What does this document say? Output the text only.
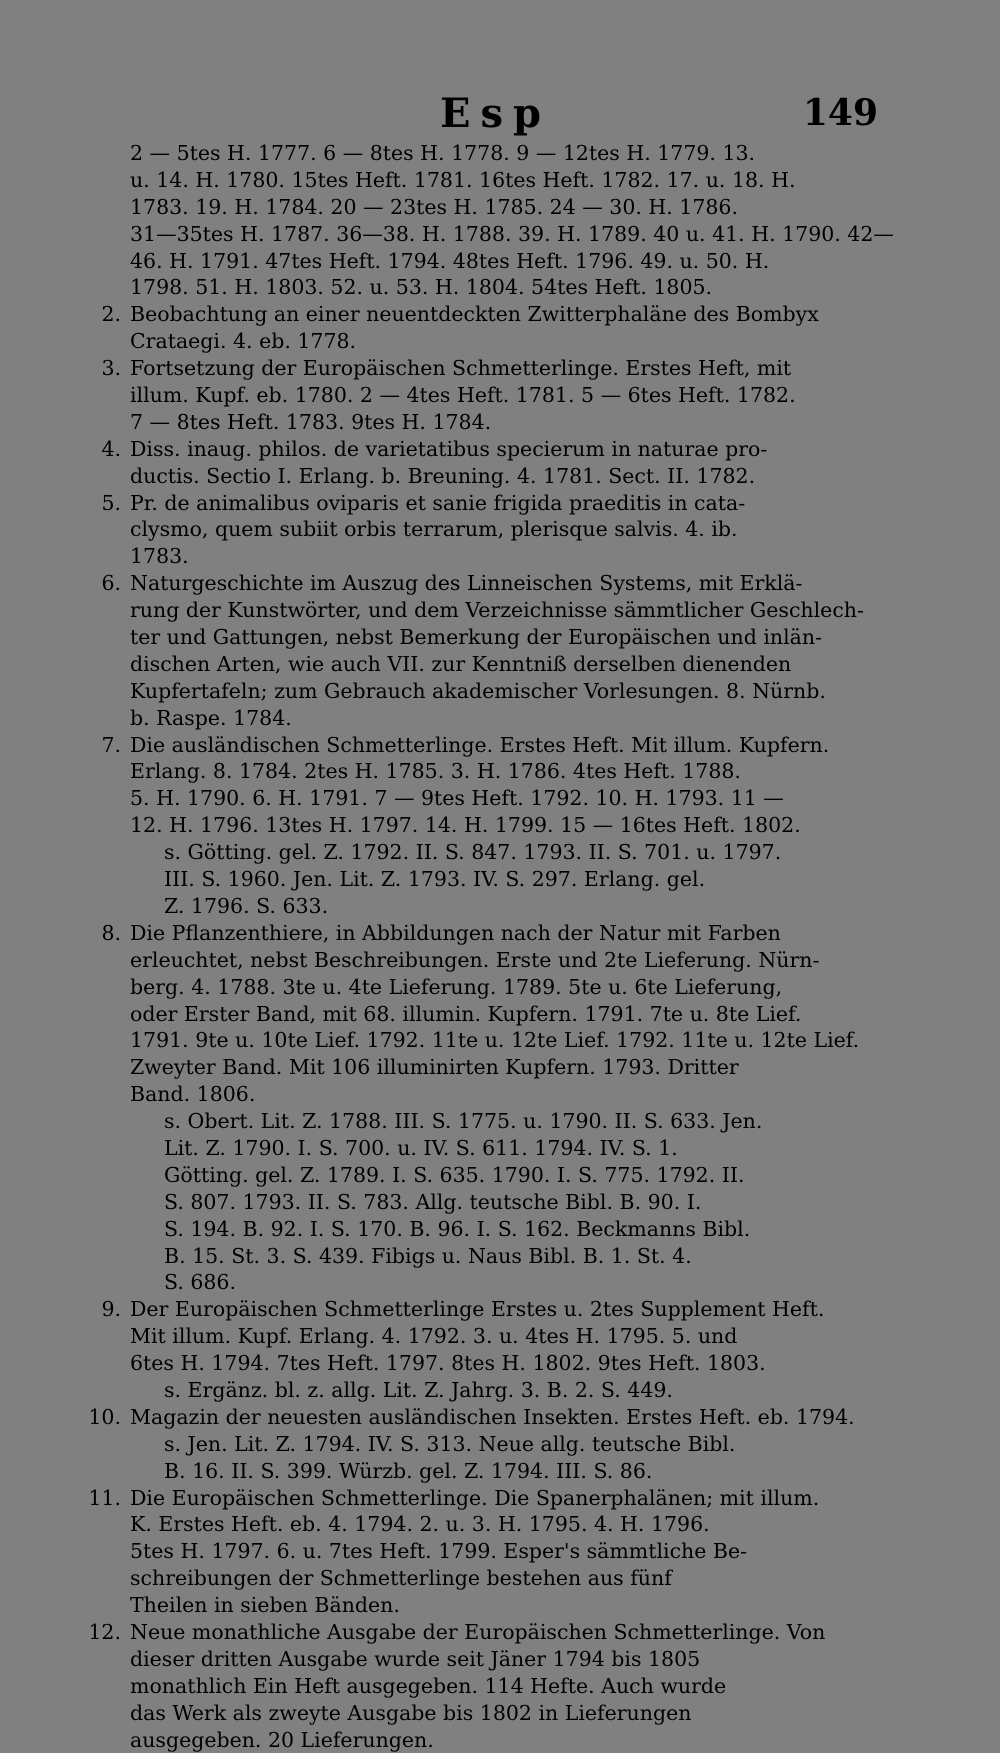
Esp	149
2 — 5tes H. 1777. 6 — 8tes H. 1778. 9 — 12tes H. 1779. 13.
u. 14. H. 1780. 15tes Heft. 1781. 16tes Heft. 1782. 17. u. 18. H.
1783. 19. H. 1784. 20 — 23tes H. 1785. 24 — 30. H. 1786.
31—35tes H. 1787. 36—38. H. 1788. 39. H. 1789. 40 u. 41. H. 1790. 42—
46. H. 1791. 47tes Heft. 1794. 48tes Heft. 1796. 49. u. 50. H.
1798. 51. H. 1803. 52. u. 53. H. 1804. 54tes Heft. 1805.
2. Beobachtung an einer neuentdeckten Zwitterphaläne des Bombyx
Crataegi. 4. eb. 1778.
3. Fortsetzung der Europäischen Schmetterlinge. Erstes Heft, mit
illum. Kupf. eb. 1780. 2 — 4tes Heft. 1781. 5 — 6tes Heft. 1782.
7 — 8tes Heft. 1783. 9tes H. 1784.
4. Diss. inaug. philos. de varietatibus specierum in naturae pro-
ductis. Sectio I. Erlang. b. Breuning. 4. 1781. Sect. II. 1782.
5. Pr. de animalibus oviparis et sanie frigida praeditis in cata-
clysmo, quem subiit orbis terrarum, plerisque salvis. 4. ib.
1783.
6. Naturgeschichte im Auszug des Linneischen Systems, mit Erklä-
rung der Kunstwörter, und dem Verzeichnisse sämmtlicher Geschlech-
ter und Gattungen, nebst Bemerkung der Europäischen und inlän-
dischen Arten, wie auch VII. zur Kenntniß derselben dienenden
Kupfertafeln; zum Gebrauch akademischer Vorlesungen. 8. Nürnb.
b. Raspe. 1784.
7. Die ausländischen Schmetterlinge. Erstes Heft. Mit illum. Kupfern.
Erlang. 8. 1784. 2tes H. 1785. 3. H. 1786. 4tes Heft. 1788.
5. H. 1790. 6. H. 1791. 7 — 9tes Heft. 1792. 10. H. 1793. 11 —
12. H. 1796. 13tes H. 1797. 14. H. 1799. 15 — 16tes Heft. 1802.
s. Götting. gel. Z. 1792. II. S. 847. 1793. II. S. 701. u. 1797.
III. S. 1960. Jen. Lit. Z. 1793. IV. S. 297. Erlang. gel.
Z. 1796. S. 633.
8. Die Pflanzenthiere, in Abbildungen nach der Natur mit Farben
erleuchtet, nebst Beschreibungen. Erste und 2te Lieferung. Nürn-
berg. 4. 1788. 3te u. 4te Lieferung. 1789. 5te u. 6te Lieferung,
oder Erster Band, mit 68. illumin. Kupfern. 1791. 7te u. 8te Lief.
1791. 9te u. 10te Lief. 1792. 11te u. 12te Lief. 1792. 11te u. 12te Lief.
Zweyter Band. Mit 106 illuminirten Kupfern. 1793. Dritter
Band. 1806.
s. Obert. Lit. Z. 1788. III. S. 1775. u. 1790. II. S. 633. Jen.
Lit. Z. 1790. I. S. 700. u. IV. S. 611. 1794. IV. S. 1.
Götting. gel. Z. 1789. I. S. 635. 1790. I. S. 775. 1792. II.
S. 807. 1793. II. S. 783. Allg. teutsche Bibl. B. 90. I.
S. 194. B. 92. I. S. 170. B. 96. I. S. 162. Beckmanns Bibl.
B. 15. St. 3. S. 439. Fibigs u. Naus Bibl. B. 1. St. 4.
S. 686.
9. Der Europäischen Schmetterlinge Erstes u. 2tes Supplement Heft.
Mit illum. Kupf. Erlang. 4. 1792. 3. u. 4tes H. 1795. 5. und
6tes H. 1794. 7tes Heft. 1797. 8tes H. 1802. 9tes Heft. 1803.
s. Ergänz. bl. z. allg. Lit. Z. Jahrg. 3. B. 2. S. 449.
10. Magazin der neuesten ausländischen Insekten. Erstes Heft. eb. 1794.
s. Jen. Lit. Z. 1794. IV. S. 313. Neue allg. teutsche Bibl.
B. 16. II. S. 399. Würzb. gel. Z. 1794. III. S. 86.
11. Die Europäischen Schmetterlinge. Die Spanerphalänen; mit illum.
K. Erstes Heft. eb. 4. 1794. 2. u. 3. H. 1795. 4. H. 1796.
5tes H. 1797. 6. u. 7tes Heft. 1799. Esper's sämmtliche Be-
schreibungen der Schmetterlinge bestehen aus fünf
Theilen in sieben Bänden.
12. Neue monathliche Ausgabe der Europäischen Schmetterlinge. Von
dieser dritten Ausgabe wurde seit Jäner 1794 bis 1805
monathlich Ein Heft ausgegeben. 114 Hefte. Auch wurde
das Werk als zweyte Ausgabe bis 1802 in Lieferungen
ausgegeben. 20 Lieferungen.
